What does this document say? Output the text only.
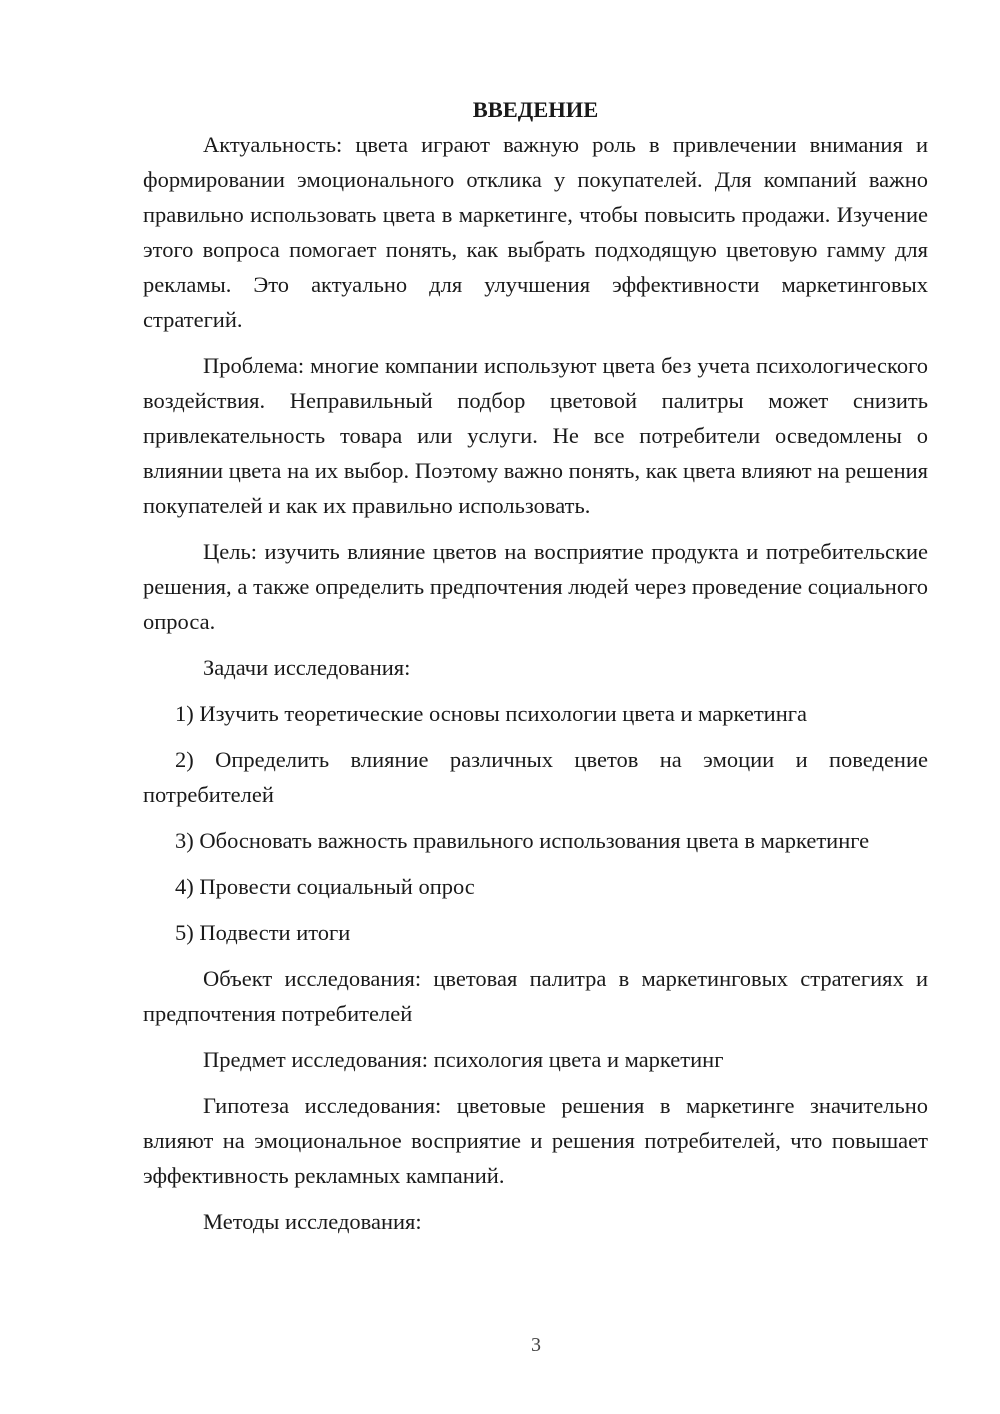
ВВЕДЕНИЕ

Актуальность: цвета играют важную роль в привлечении внимания и формировании эмоционального отклика у покупателей. Для компаний важно правильно использовать цвета в маркетинге, чтобы повысить продажи. Изучение этого вопроса помогает понять, как выбрать подходящую цветовую гамму для рекламы. Это актуально для улучшения эффективности маркетинговых стратегий.

Проблема: многие компании используют цвета без учета психологического воздействия. Неправильный подбор цветовой палитры может снизить привлекательность товара или услуги. Не все потребители осведомлены о влиянии цвета на их выбор. Поэтому важно понять, как цвета влияют на решения покупателей и как их правильно использовать.

Цель: изучить влияние цветов на восприятие продукта и потребительские решения, а также определить предпочтения людей через проведение социального опроса.

Задачи исследования:

1) Изучить теоретические основы психологии цвета и маркетинга

2) Определить влияние различных цветов на эмоции и поведение потребителей

3) Обосновать важность правильного использования цвета в маркетинге

4) Провести социальный опрос

5) Подвести итоги

Объект исследования: цветовая палитра в маркетинговых стратегиях и предпочтения потребителей

Предмет исследования: психология цвета и маркетинг

Гипотеза исследования: цветовые решения в маркетинге значительно влияют на эмоциональное восприятие и решения потребителей, что повышает эффективность рекламных кампаний.

Методы исследования:

3
